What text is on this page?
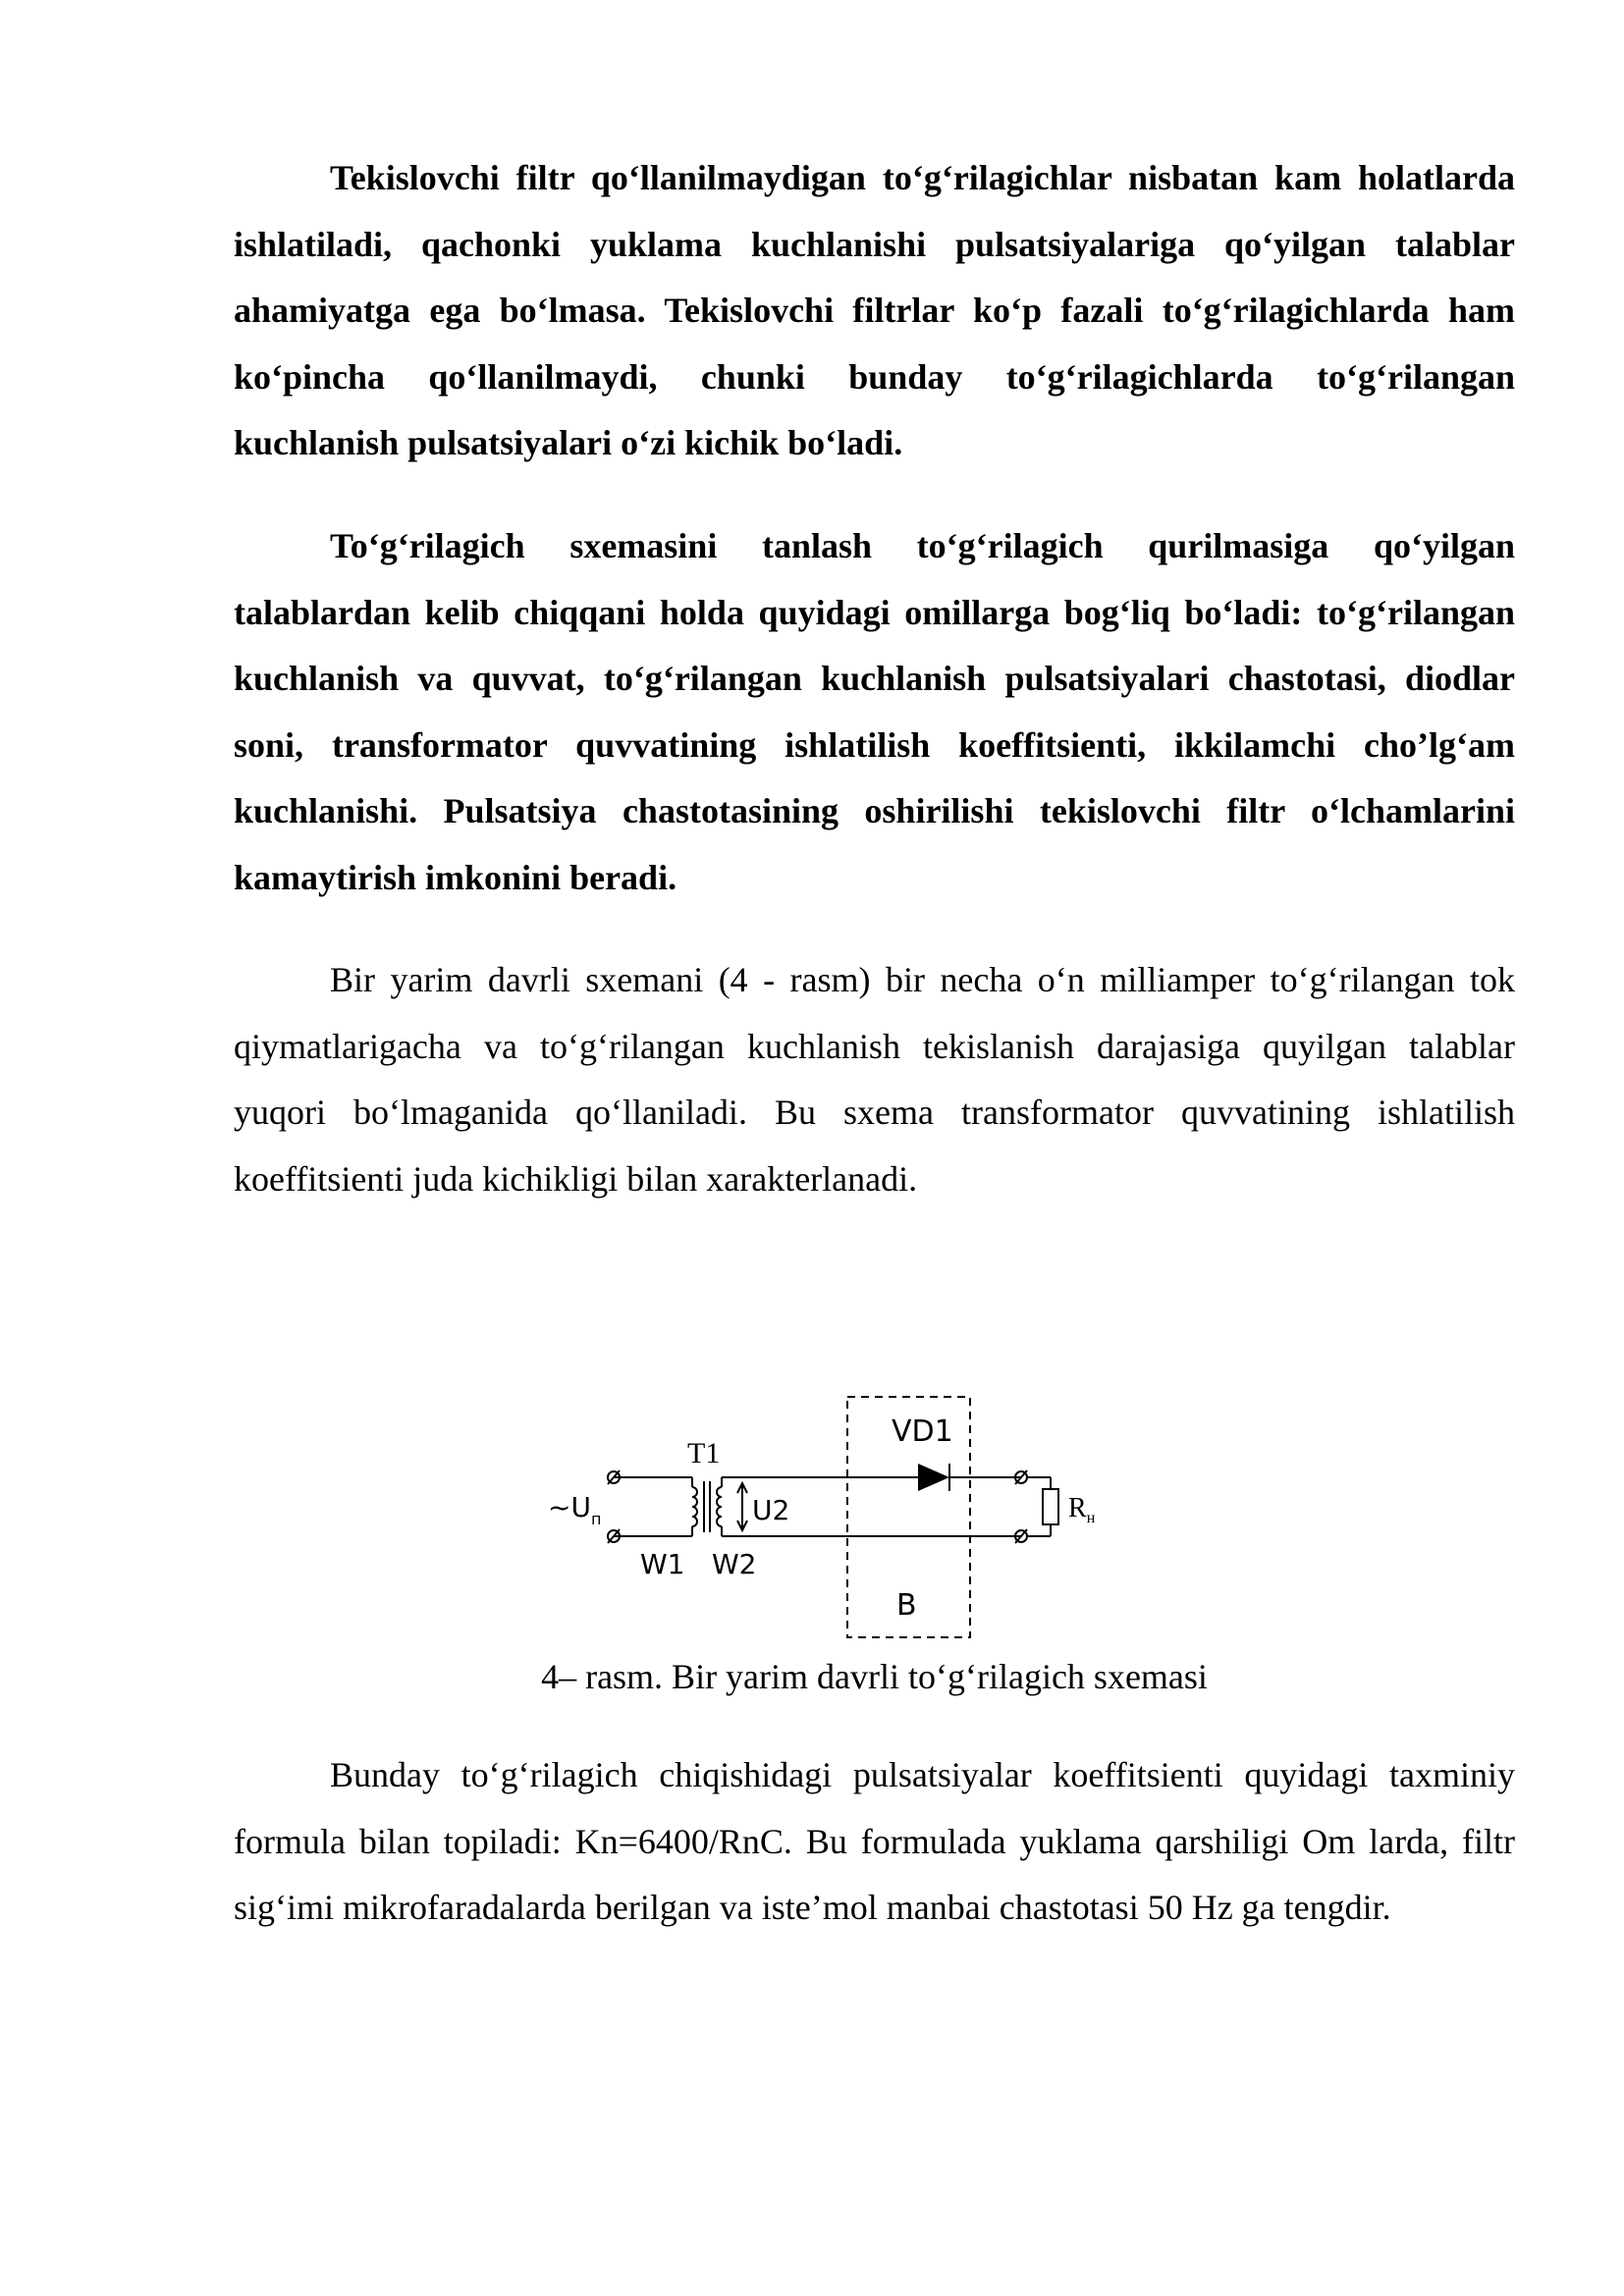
Tekislovchi filtr qo‘llanilmaydigan to‘g‘rilagichlar nisbatan kam holatlarda ishlatiladi, qachonki yuklama kuchlanishi pulsatsiyalariga qo‘yilgan talablar ahamiyatga ega bo‘lmasa. Tekislovchi filtrlar ko‘p fazali to‘g‘rilagichlarda ham ko‘pincha qo‘llanilmaydi, chunki bunday to‘g‘rilagichlarda to‘g‘rilangan kuchlanish pulsatsiyalari o‘zi kichik bo‘ladi.

To‘g‘rilagich sxemasini tanlash to‘g‘rilagich qurilmasiga qo‘yilgan talablardan kelib chiqqani holda quyidagi omillarga bog‘liq bo‘ladi: to‘g‘rilangan kuchlanish va quvvat, to‘g‘rilangan kuchlanish pulsatsiyalari chastotasi, diodlar soni, transformator quvvatining ishlatilish koeffitsienti, ikkilamchi cho’lg‘am kuchlanishi. Pulsatsiya chastotasining oshirilishi tekislovchi filtr o‘lchamlarini kamaytirish imkonini beradi.

Bir yarim davrli sxemani (4 - rasm) bir necha o‘n milliamper to‘g‘rilangan tok qiymatlarigacha va to‘g‘rilangan kuchlanish tekislanish darajasiga quyilgan talablar yuqori bo‘lmaganida qo‘llaniladi. Bu sxema transformator quvvatining ishlatilish koeffitsienti juda kichikligi bilan xarakterlanadi.

T1
$\sim U_п$	U2
W1 W2
VD1
B
$R_н$

4– rasm. Bir yarim davrli to‘g‘rilagich sxemasi

Bunday to‘g‘rilagich chiqishidagi pulsatsiyalar koeffitsienti quyidagi taxminiy formula bilan topiladi: Kn=6400/RnC. Bu formulada yuklama qarshiligi Om larda, filtr sig‘imi mikrofaradalarda berilgan va iste’mol manbai chastotasi 50 Hz ga tengdir.
